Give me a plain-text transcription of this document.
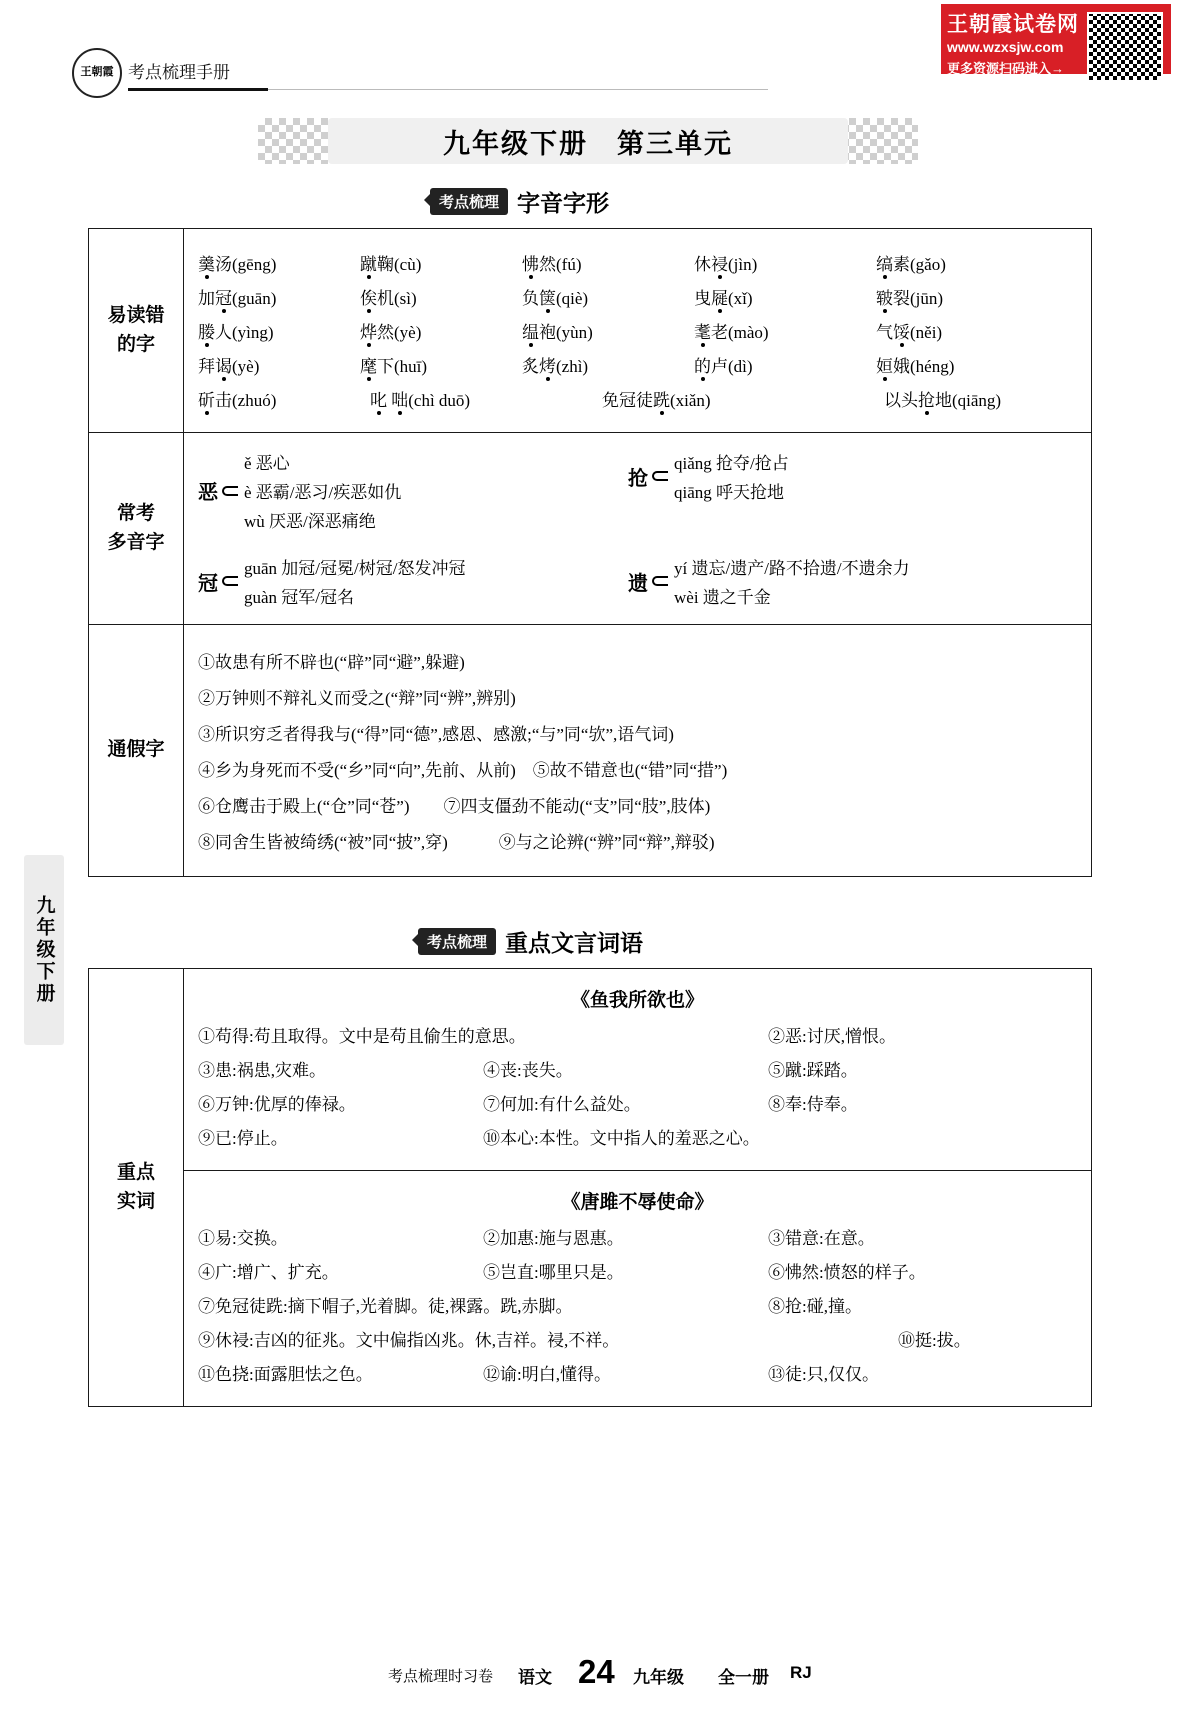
王朝霞 考点梳理手册
王朝霞试卷网
www.wzxsjw.com
更多资源扫码进入→
九年级下册　第三单元
考点梳理 字音字形
易读错
的字	
羹汤(gēng)	蹴鞠(cù)	怫然(fú)	休祲(jìn)	缟素(gǎo)
加冠(guān)	俟机(sì)	负箧(qiè)	曳屣(xǐ)	皲裂(jūn)
媵人(yìng)	烨然(yè)	缊袍(yùn)	耄老(mào)	气馁(něi)
拜谒(yè)	麾下(huī)	炙烤(zhì)	的卢(dì)	姮娥(héng)
斫击(zhuó)	叱 咄(chì duō)	免冠徒跣(xiǎn)	以头抢地(qiāng)

常考
多音字	
恶
ě 恶心
è 恶霸/恶习/疾恶如仇
wù 厌恶/深恶痛绝
抢
qiǎng 抢夺/抢占
qiāng 呼天抢地
冠
guān 加冠/冠冕/树冠/怒发冲冠
guàn 冠军/冠名
遗
yí 遗忘/遗产/路不拾遗/不遗余力
wèi 遗之千金

通假字	
①故患有所不辟也(“辟”同“避”,躲避)
②万钟则不辩礼义而受之(“辩”同“辨”,辨别)
③所识穷乏者得我与(“得”同“德”,感恩、感激;“与”同“欤”,语气词)
④乡为身死而不受(“乡”同“向”,先前、从前)　⑤故不错意也(“错”同“措”)
⑥仓鹰击于殿上(“仓”同“苍”)　　⑦四支僵劲不能动(“支”同“肢”,肢体)
⑧同舍生皆被绮绣(“被”同“披”,穿)　　　⑨与之论辨(“辨”同“辩”,辩驳)
考点梳理 重点文言词语
重点
实词	
《鱼我所欲也》
①苟得:苟且取得。文中是苟且偷生的意思。	②恶:讨厌,憎恨。
③患:祸患,灾难。	④丧:丧失。	⑤蹴:踩踏。
⑥万钟:优厚的俸禄。	⑦何加:有什么益处。	⑧奉:侍奉。
⑨已:停止。	⑩本心:本性。文中指人的羞恶之心。

《唐雎不辱使命》
①易:交换。	②加惠:施与恩惠。	③错意:在意。
④广:增广、扩充。	⑤岂直:哪里只是。	⑥怫然:愤怒的样子。
⑦免冠徒跣:摘下帽子,光着脚。徒,裸露。跣,赤脚。	⑧抢:碰,撞。
⑨休祲:吉凶的征兆。文中偏指凶兆。休,吉祥。祲,不祥。	⑩挺:拔。
⑪色挠:面露胆怯之色。	⑫谕:明白,懂得。	⑬徒:只,仅仅。
九年级下册
考点梳理时习卷 语文 24 九年级 全一册 RJ
